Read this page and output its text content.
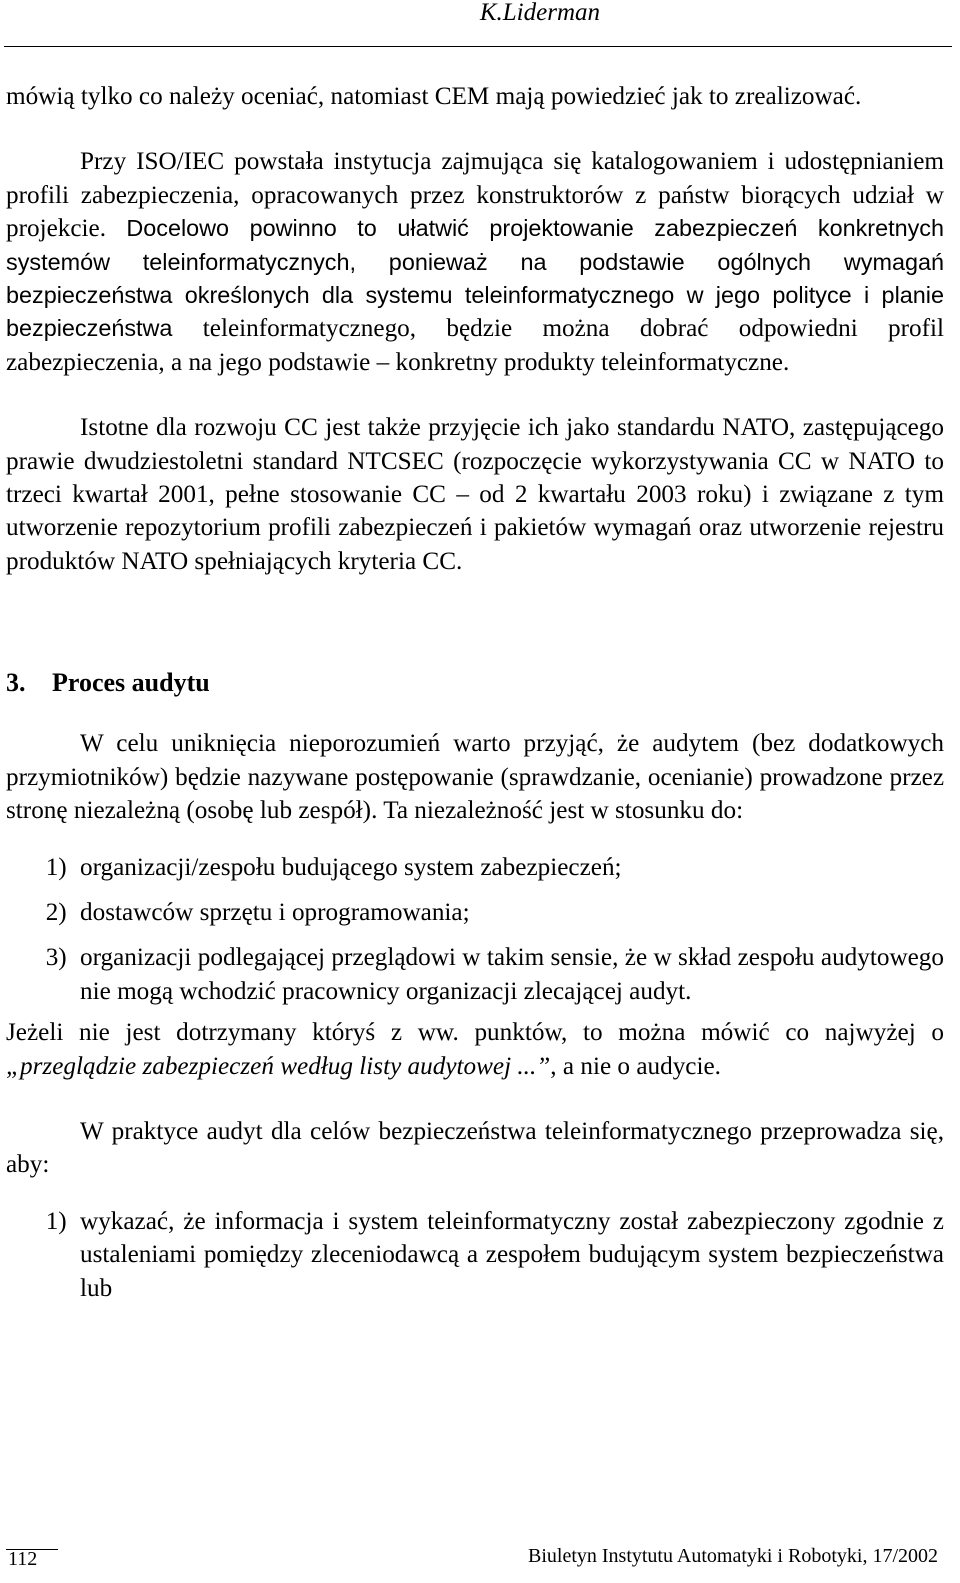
K.Liderman

mówią tylko co należy oceniać, natomiast CEM mają powiedzieć jak to zrealizować.

Przy ISO/IEC powstała instytucja zajmująca się katalogowaniem i udostępnianiem profili zabezpieczenia, opracowanych przez konstruktorów z państw biorących udział w projekcie. Docelowo powinno to ułatwić projektowanie zabezpieczeń konkretnych systemów teleinformatycznych, ponieważ na podstawie ogólnych wymagań bezpieczeństwa określonych dla systemu teleinformatycznego w jego polityce i planie bezpieczeństwa teleinformatycznego, będzie można dobrać odpowiedni profil zabezpieczenia, a na jego podstawie – konkretny produkty teleinformatyczne.

Istotne dla rozwoju CC jest także przyjęcie ich jako standardu NATO, zastępującego prawie dwudziestoletni standard NTCSEC (rozpoczęcie wykorzystywania CC w NATO to trzeci kwartał 2001, pełne stosowanie CC – od 2 kwartału 2003 roku) i związane z tym utworzenie repozytorium profili zabezpieczeń i pakietów wymagań oraz utworzenie rejestru produktów NATO spełniających kryteria CC.

3.	Proces audytu

W celu uniknięcia nieporozumień warto przyjąć, że audytem (bez dodatkowych przymiotników) będzie nazywane postępowanie (sprawdzanie, ocenianie) prowadzone przez stronę niezależną (osobę lub zespół). Ta niezależność jest w stosunku do:

1) organizacji/zespołu budującego system zabezpieczeń;
2) dostawców sprzętu i oprogramowania;
3) organizacji podlegającej przeglądowi w takim sensie, że w skład zespołu audytowego nie mogą wchodzić pracownicy organizacji zlecającej audyt.

Jeżeli nie jest dotrzymany któryś z ww. punktów, to można mówić co najwyżej o „przeglądzie zabezpieczeń według listy audytowej ...”, a nie o audycie.

W praktyce audyt dla celów bezpieczeństwa teleinformatycznego przeprowadza się, aby:

1) wykazać, że informacja i system teleinformatyczny został zabezpieczony zgodnie z ustaleniami pomiędzy zleceniodawcą a zespołem budującym system bezpieczeństwa lub
112	Biuletyn Instytutu Automatyki i Robotyki, 17/2002
